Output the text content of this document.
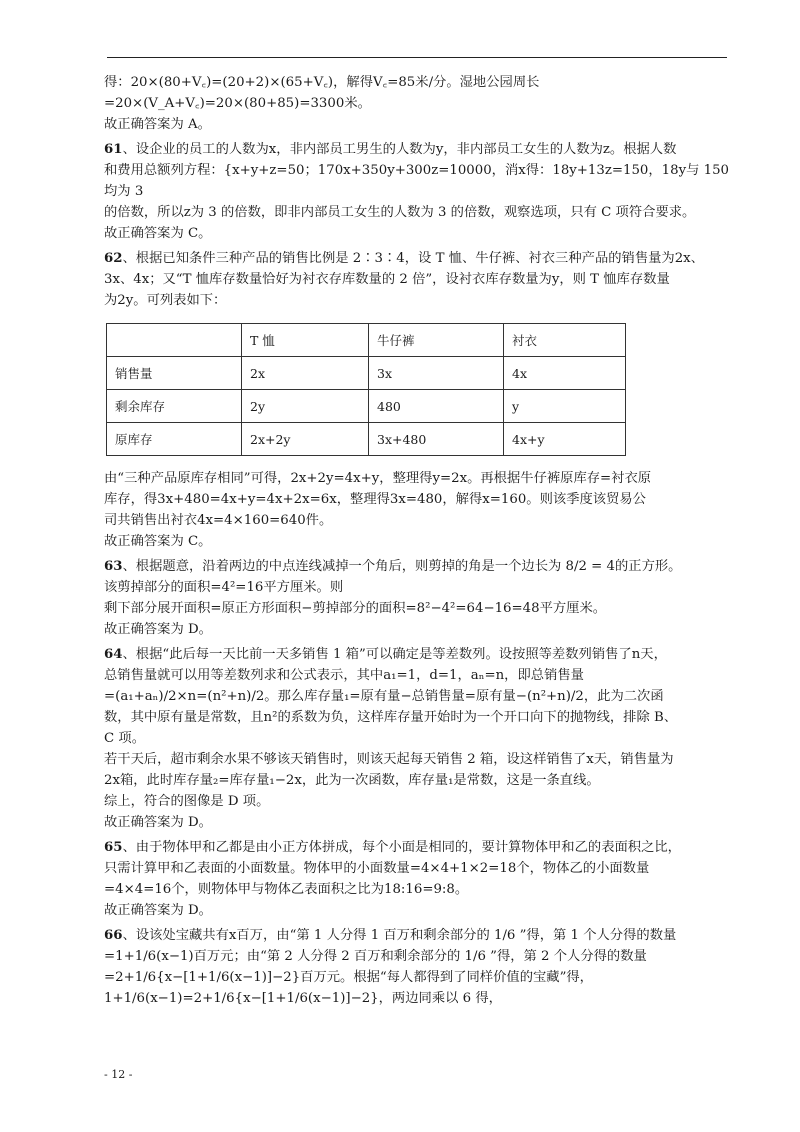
得：20×(80+V꜀)=(20+2)×(65+V꜀)，解得V꜀=85米/分。湿地公园周长

=20×(V_A+V꜀)=20×(80+85)=3300米。

故正确答案为 A。

61、设企业的员工的人数为x，非内部员工男生的人数为y，非内部员工女生的人数为z。根据人数

和费用总额列方程：{x+y+z=50；170x+350y+300z=10000，消x得：18y+13z=150，18y与 150 均为 3

的倍数，所以z为 3 的倍数，即非内部员工女生的人数为 3 的倍数，观察选项，只有 C 项符合要求。

故正确答案为 C。

62、根据已知条件三种产品的销售比例是 2∶3∶4，设 T 恤、牛仔裤、衬衣三种产品的销售量为2x、

3x、4x；又“T 恤库存数量恰好为衬衣存库数量的 2 倍”，设衬衣库存数量为y，则 T 恤库存数量

为2y。可列表如下：

	T 恤	牛仔裤	衬衣
销售量	2x	3x	4x
剩余库存	2y	480	y
原库存	2x+2y	3x+480	4x+y

由“三种产品原库存相同”可得，2x+2y=4x+y，整理得y=2x。再根据牛仔裤原库存=衬衣原

库存，得3x+480=4x+y=4x+2x=6x，整理得3x=480，解得x=160。则该季度该贸易公

司共销售出衬衣4x=4×160=640件。

故正确答案为 C。

63、根据题意，沿着两边的中点连线减掉一个角后，则剪掉的角是一个边长为 8/2 = 4的正方形。

该剪掉部分的面积=4²=16平方厘米。则

剩下部分展开面积=原正方形面积−剪掉部分的面积=8²−4²=64−16=48平方厘米。

故正确答案为 D。

64、根据“此后每一天比前一天多销售 1 箱”可以确定是等差数列。设按照等差数列销售了n天，

总销售量就可以用等差数列求和公式表示，其中a₁=1，d=1，aₙ=n，即总销售量

=(a₁+aₙ)/2×n=(n²+n)/2。那么库存量₁=原有量−总销售量=原有量−(n²+n)/2，此为二次函

数，其中原有量是常数，且n²的系数为负，这样库存量开始时为一个开口向下的抛物线，排除 B、

C 项。

若干天后，超市剩余水果不够该天销售时，则该天起每天销售 2 箱，设这样销售了x天，销售量为

2x箱，此时库存量₂=库存量₁−2x，此为一次函数，库存量₁是常数，这是一条直线。

综上，符合的图像是 D 项。

故正确答案为 D。

65、由于物体甲和乙都是由小正方体拼成，每个小面是相同的，要计算物体甲和乙的表面积之比，

只需计算甲和乙表面的小面数量。物体甲的小面数量=4×4+1×2=18个，物体乙的小面数量

=4×4=16个，则物体甲与物体乙表面积之比为18:16=9:8。

故正确答案为 D。

66、设该处宝藏共有x百万，由“第 1 人分得 1 百万和剩余部分的 1/6 ”得，第 1 个人分得的数量

=1+1/6(x−1)百万元；由“第 2 人分得 2 百万和剩余部分的 1/6 ”得，第 2 个人分得的数量

=2+1/6{x−[1+1/6(x−1)]−2}百万元。根据“每人都得到了同样价值的宝藏”得，

1+1/6(x−1)=2+1/6{x−[1+1/6(x−1)]−2}，两边同乘以 6 得，

- 12 -
